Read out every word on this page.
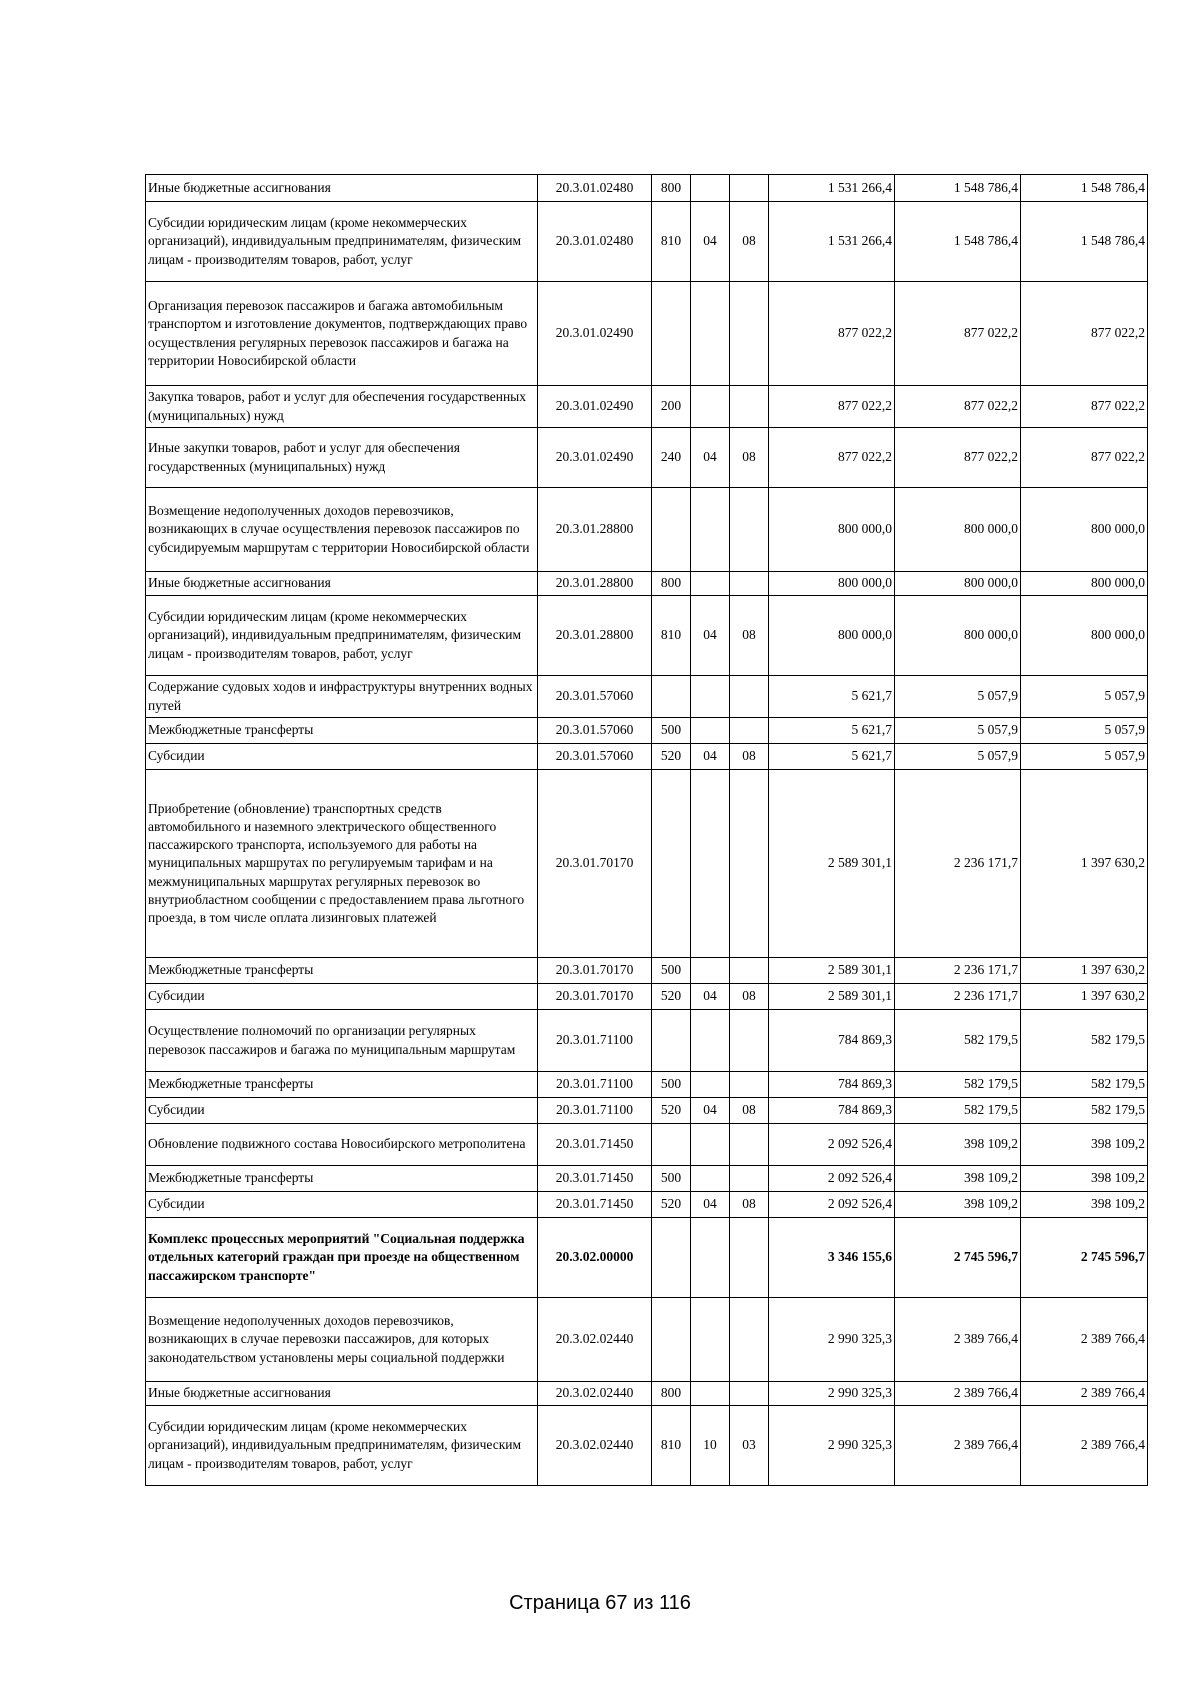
Иные бюджетные ассигнования	20.3.01.02480	800			1 531 266,4	1 548 786,4	1 548 786,4
Субсидии юридическим лицам (кроме некоммерческих организаций), индивидуальным предпринимателям, физическим лицам - производителям товаров, работ, услуг	20.3.01.02480	810	04	08	1 531 266,4	1 548 786,4	1 548 786,4
Организация перевозок пассажиров и багажа автомобильным транспортом и изготовление документов, подтверждающих право осуществления регулярных перевозок пассажиров и багажа на территории Новосибирской области	20.3.01.02490				877 022,2	877 022,2	877 022,2
Закупка товаров, работ и услуг для обеспечения государственных (муниципальных) нужд	20.3.01.02490	200			877 022,2	877 022,2	877 022,2
Иные закупки товаров, работ и услуг для обеспечения государственных (муниципальных) нужд	20.3.01.02490	240	04	08	877 022,2	877 022,2	877 022,2
Возмещение недополученных доходов перевозчиков, возникающих в случае осуществления перевозок пассажиров по субсидируемым маршрутам с территории Новосибирской области	20.3.01.28800				800 000,0	800 000,0	800 000,0
Иные бюджетные ассигнования	20.3.01.28800	800			800 000,0	800 000,0	800 000,0
Субсидии юридическим лицам (кроме некоммерческих организаций), индивидуальным предпринимателям, физическим лицам - производителям товаров, работ, услуг	20.3.01.28800	810	04	08	800 000,0	800 000,0	800 000,0
Содержание судовых ходов и инфраструктуры внутренних водных путей	20.3.01.57060				5 621,7	5 057,9	5 057,9
Межбюджетные трансферты	20.3.01.57060	500			5 621,7	5 057,9	5 057,9
Субсидии	20.3.01.57060	520	04	08	5 621,7	5 057,9	5 057,9
Приобретение (обновление) транспортных средств автомобильного и наземного электрического общественного пассажирского транспорта, используемого для работы на муниципальных маршрутах по регулируемым тарифам и на межмуниципальных маршрутах регулярных перевозок во внутриобластном сообщении с предоставлением права льготного проезда, в том числе оплата лизинговых платежей	20.3.01.70170				2 589 301,1	2 236 171,7	1 397 630,2
Межбюджетные трансферты	20.3.01.70170	500			2 589 301,1	2 236 171,7	1 397 630,2
Субсидии	20.3.01.70170	520	04	08	2 589 301,1	2 236 171,7	1 397 630,2
Осуществление полномочий по организации регулярных перевозок пассажиров и багажа по муниципальным маршрутам	20.3.01.71100				784 869,3	582 179,5	582 179,5
Межбюджетные трансферты	20.3.01.71100	500			784 869,3	582 179,5	582 179,5
Субсидии	20.3.01.71100	520	04	08	784 869,3	582 179,5	582 179,5
Обновление подвижного состава Новосибирского метрополитена	20.3.01.71450				2 092 526,4	398 109,2	398 109,2
Межбюджетные трансферты	20.3.01.71450	500			2 092 526,4	398 109,2	398 109,2
Субсидии	20.3.01.71450	520	04	08	2 092 526,4	398 109,2	398 109,2
Комплекс процессных мероприятий "Социальная поддержка отдельных категорий граждан при проезде на общественном пассажирском транспорте"	20.3.02.00000				3 346 155,6	2 745 596,7	2 745 596,7
Возмещение недополученных доходов перевозчиков, возникающих в случае перевозки пассажиров, для которых законодательством установлены меры социальной поддержки	20.3.02.02440				2 990 325,3	2 389 766,4	2 389 766,4
Иные бюджетные ассигнования	20.3.02.02440	800			2 990 325,3	2 389 766,4	2 389 766,4
Субсидии юридическим лицам (кроме некоммерческих организаций), индивидуальным предпринимателям, физическим лицам - производителям товаров, работ, услуг	20.3.02.02440	810	10	03	2 990 325,3	2 389 766,4	2 389 766,4
Страница 67 из 116
